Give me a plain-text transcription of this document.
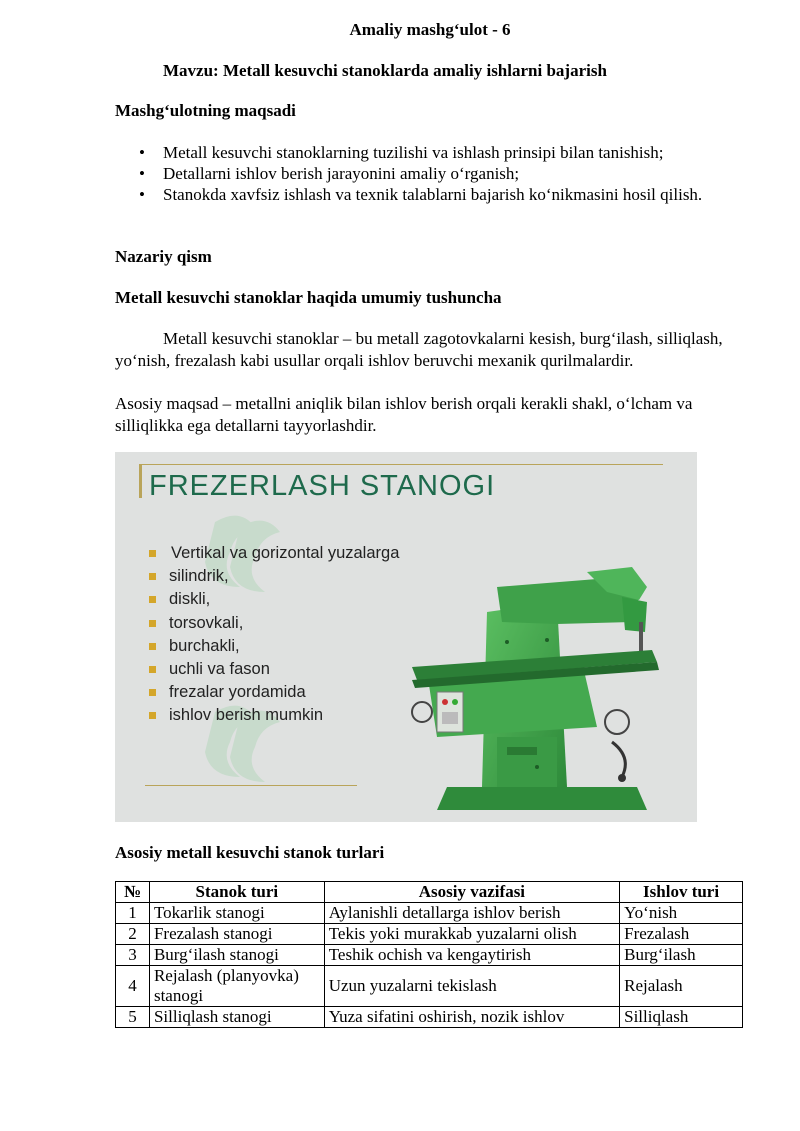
Amaliy mashg‘ulot - 6
Mavzu: Metall kesuvchi stanoklarda amaliy ishlarni bajarish
Mashg‘ulotning maqsadi
• Metall kesuvchi stanoklarning tuzilishi va ishlash prinsipi bilan tanishish;
• Detallarni ishlov berish jarayonini amaliy o‘rganish;
• Stanokda xavfsiz ishlash va texnik talablarni bajarish ko‘nikmasini hosil qilish.
Nazariy qism
Metall kesuvchi stanoklar haqida umumiy tushuncha
Metall kesuvchi stanoklar – bu metall zagotovkalarni kesish, burg‘ilash, silliqlash, yo‘nish, frezalash kabi usullar orqali ishlov beruvchi mexanik qurilmalardir.
Asosiy maqsad – metallni aniqlik bilan ishlov berish orqali kerakli shakl, o‘lcham va silliqlikka ega detallarni tayyorlashdir.
FREZERLASH STANOGI
Vertikal va gorizontal yuzalarga
silindrik,
diskli,
torsovkali,
burchakli,
uchli va fason
frezalar yordamida
ishlov berish mumkin
Asosiy metall kesuvchi stanok turlari
№	Stanok turi	Asosiy vazifasi	Ishlov turi
1	Tokarlik stanogi	Aylanishli detallarga ishlov berish	Yo‘nish
2	Frezalash stanogi	Tekis yoki murakkab yuzalarni olish	Frezalash
3	Burg‘ilash stanogi	Teshik ochish va kengaytirish	Burg‘ilash
4	Rejalash (planyovka) stanogi	Uzun yuzalarni tekislash	Rejalash
5	Silliqlash stanogi	Yuza sifatini oshirish, nozik ishlov	Silliqlash
